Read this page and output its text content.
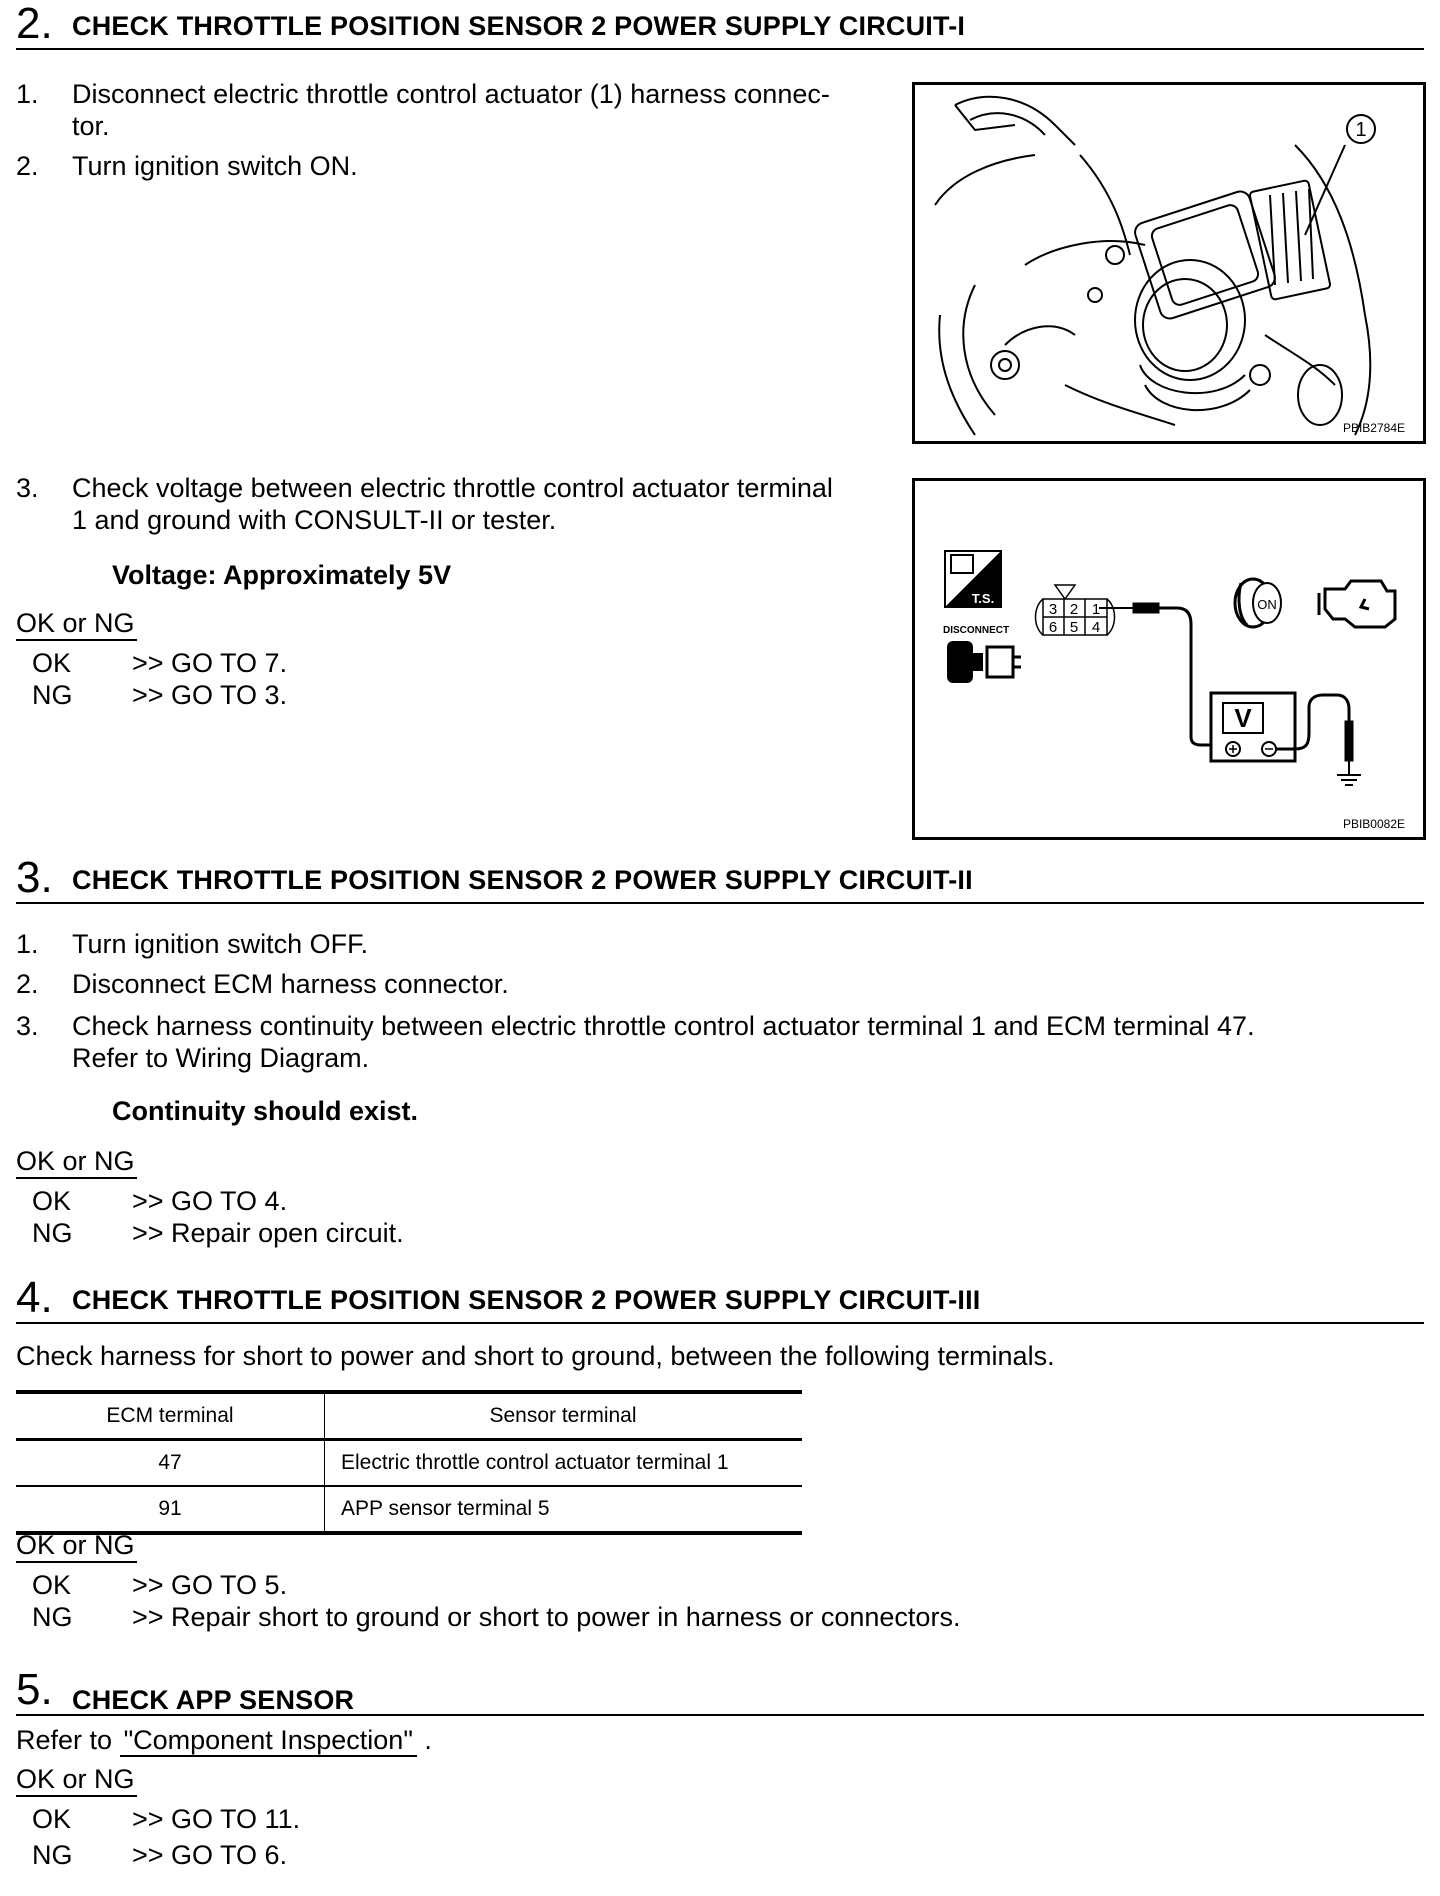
2. CHECK THROTTLE POSITION SENSOR 2 POWER SUPPLY CIRCUIT-I
1. Disconnect electric throttle control actuator (1) harness connec-
tor.
2. Turn ignition switch ON.
1
PBIB2784E
3. Check voltage between electric throttle control actuator terminal
1 and ground with CONSULT-II or tester.
Voltage: Approximately 5V
OK or NG
OK >> GO TO 7.
NG >> GO TO 3.
T.S.
DISCONNECT
3 2 1
6 5 4
V
ON
PBIB0082E
3. CHECK THROTTLE POSITION SENSOR 2 POWER SUPPLY CIRCUIT-II
1. Turn ignition switch OFF.
2. Disconnect ECM harness connector.
3. Check harness continuity between electric throttle control actuator terminal 1 and ECM terminal 47.
Refer to Wiring Diagram.
Continuity should exist.
OK or NG
OK >> GO TO 4.
NG >> Repair open circuit.
4. CHECK THROTTLE POSITION SENSOR 2 POWER SUPPLY CIRCUIT-III
Check harness for short to power and short to ground, between the following terminals.
ECM terminal	Sensor terminal
47	Electric throttle control actuator terminal 1
91	APP sensor terminal 5
OK or NG
OK >> GO TO 5.
NG >> Repair short to ground or short to power in harness or connectors.
5. CHECK APP SENSOR
Refer to "Component Inspection" .
OK or NG
OK >> GO TO 11.
NG >> GO TO 6.
